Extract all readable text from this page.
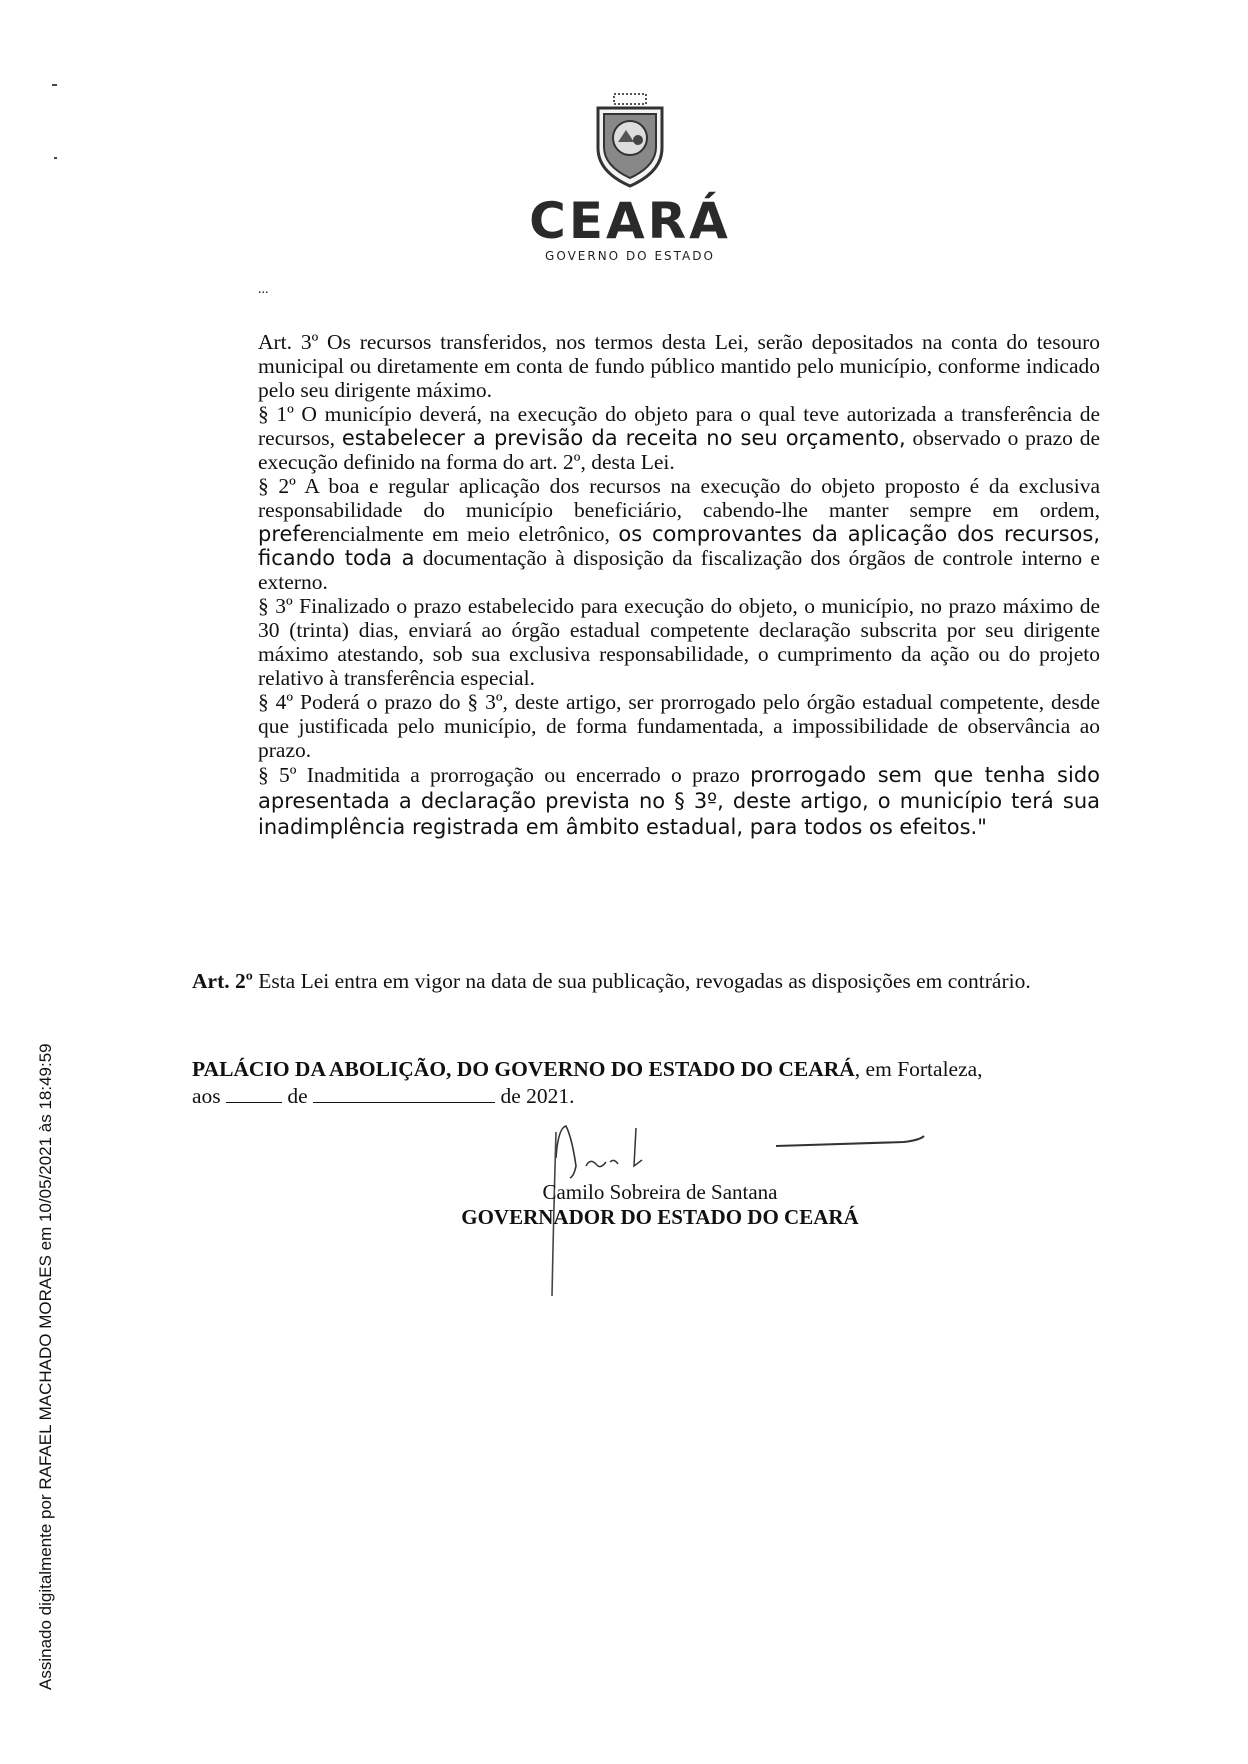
CEARÁ
GOVERNO DO ESTADO
...

Art. 3º Os recursos transferidos, nos termos desta Lei, serão depositados na conta do tesouro municipal ou diretamente em conta de fundo público mantido pelo município, conforme indicado pelo seu dirigente máximo.

§ 1º O município deverá, na execução do objeto para o qual teve autorizada a transferência de recursos, estabelecer a previsão da receita no seu orçamento, observado o prazo de execução definido na forma do art. 2º, desta Lei.

§ 2º A boa e regular aplicação dos recursos na execução do objeto proposto é da exclusiva responsabilidade do município beneficiário, cabendo-lhe manter sempre em ordem, preferencialmente em meio eletrônico, os comprovantes da aplicação dos recursos, ficando toda a documentação à disposição da fiscalização dos órgãos de controle interno e externo.

§ 3º Finalizado o prazo estabelecido para execução do objeto, o município, no prazo máximo de 30 (trinta) dias, enviará ao órgão estadual competente declaração subscrita por seu dirigente máximo atestando, sob sua exclusiva responsabilidade, o cumprimento da ação ou do projeto relativo à transferência especial.

§ 4º Poderá o prazo do § 3º, deste artigo, ser prorrogado pelo órgão estadual competente, desde que justificada pelo município, de forma fundamentada, a impossibilidade de observância ao prazo.

§ 5º Inadmitida a prorrogação ou encerrado o prazo prorrogado sem que tenha sido apresentada a declaração prevista no § 3º, deste artigo, o município terá sua inadimplência registrada em âmbito estadual, para todos os efeitos."

Art. 2º Esta Lei entra em vigor na data de sua publicação, revogadas as disposições em contrário.
PALÁCIO DA ABOLIÇÃO, DO GOVERNO DO ESTADO DO CEARÁ, em Fortaleza,
aos	de	de 2021.
Camilo Sobreira de Santana
GOVERNADOR DO ESTADO DO CEARÁ
Assinado digitalmente por RAFAEL MACHADO MORAES em 10/05/2021 às 18:49:59
